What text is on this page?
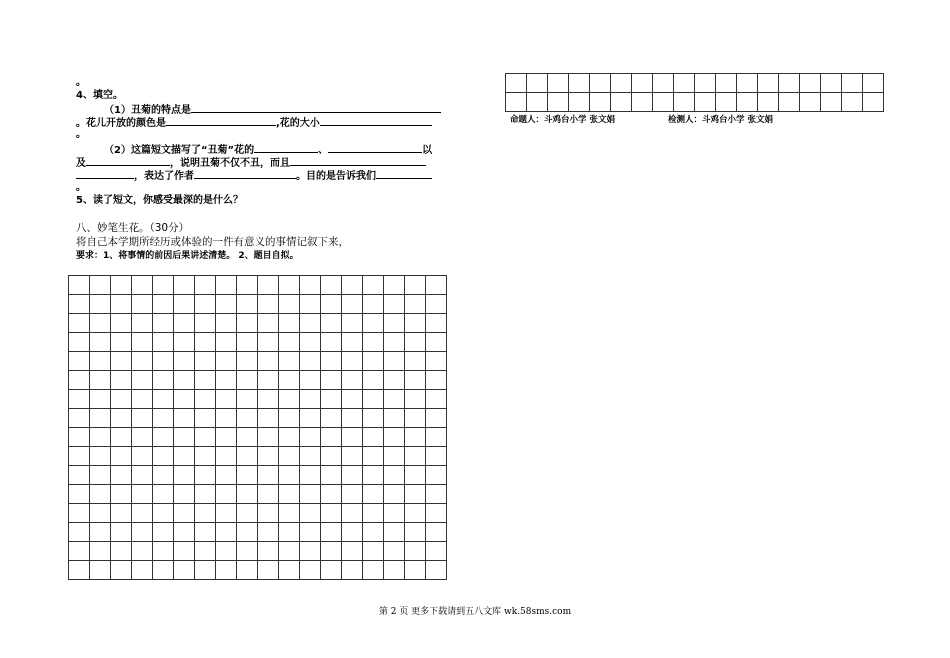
。
4、填空。
（1）丑菊的特点是
。花儿开放的颜色是	,花的大小
。
（2）这篇短文描写了“丑菊”花的	、	以
及	，说明丑菊不仅不丑，而且
，表达了作者	。目的是告诉我们
。
5、读了短文，你感受最深的是什么？
八、妙笔生花。（30分）
将自己本学期所经历或体验的一件有意义的事情记叙下来，
要求：1、将事情的前因后果讲述清楚。 2、题目自拟。

命题人：斗鸡台小学 张文娟	检测人：斗鸡台小学 张文娟
第 2 页 更多下载请到五八文库 wk.58sms.com
